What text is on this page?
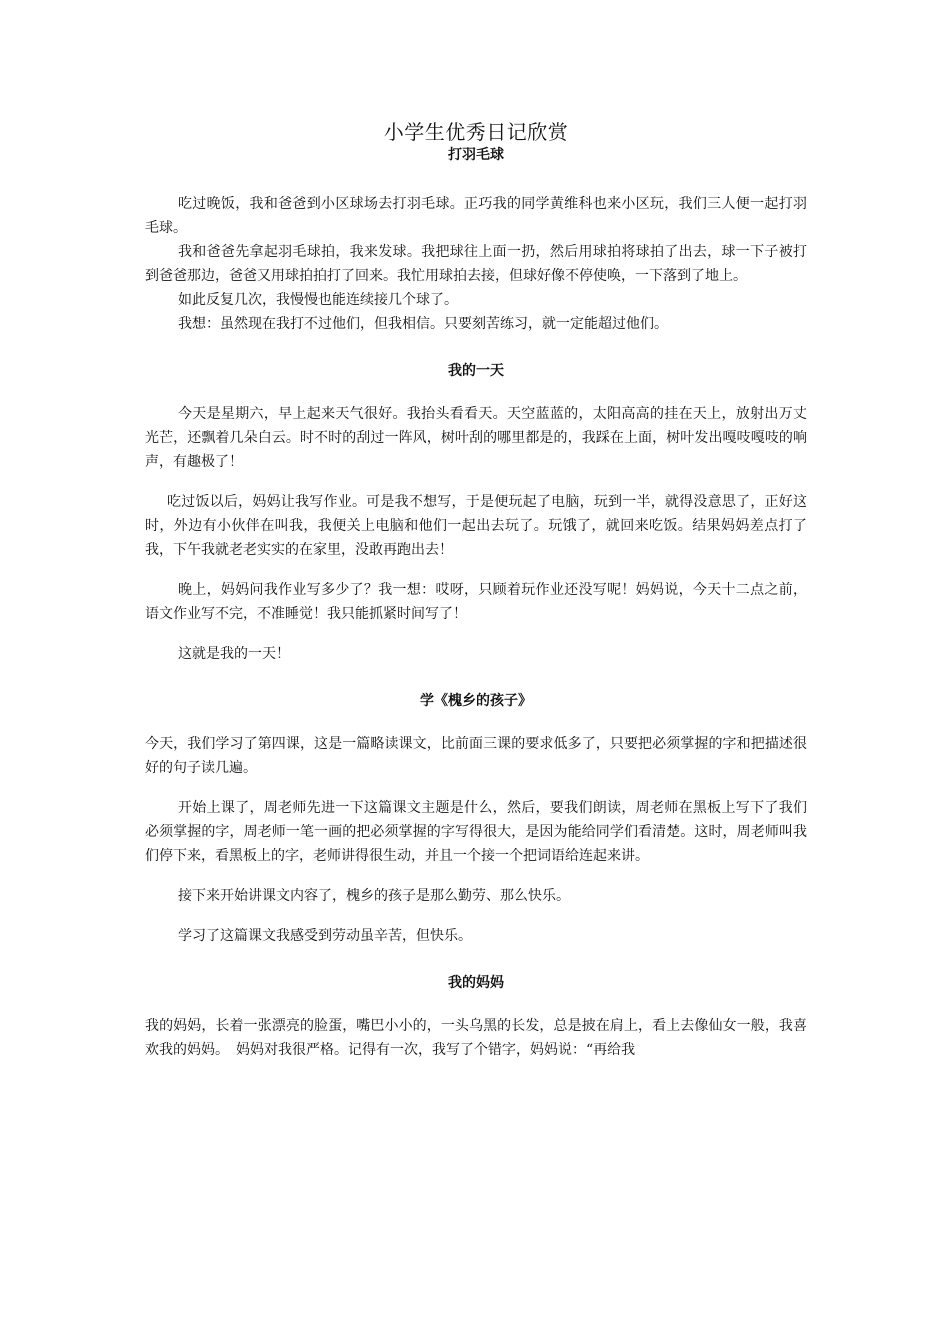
小学生优秀日记欣赏
打羽毛球

吃过晚饭，我和爸爸到小区球场去打羽毛球。正巧我的同学黄维科也来小区玩，我们三人便一起打羽毛球。

我和爸爸先拿起羽毛球拍，我来发球。我把球往上面一扔，然后用球拍将球拍了出去，球一下子被打到爸爸那边，爸爸又用球拍拍打了回来。我忙用球拍去接，但球好像不停使唤，一下落到了地上。

如此反复几次，我慢慢也能连续接几个球了。

我想：虽然现在我打不过他们，但我相信。只要刻苦练习，就一定能超过他们。

我的一天

今天是星期六，早上起来天气很好。我抬头看看天。天空蓝蓝的，太阳高高的挂在天上，放射出万丈光芒，还飘着几朵白云。时不时的刮过一阵风，树叶刮的哪里都是的，我踩在上面，树叶发出嘎吱嘎吱的响声，有趣极了！

吃过饭以后，妈妈让我写作业。可是我不想写，于是便玩起了电脑，玩到一半，就得没意思了，正好这时，外边有小伙伴在叫我，我便关上电脑和他们一起出去玩了。玩饿了，就回来吃饭。结果妈妈差点打了我，下午我就老老实实的在家里，没敢再跑出去！

晚上，妈妈问我作业写多少了？我一想：哎呀，只顾着玩作业还没写呢！妈妈说，今天十二点之前，语文作业写不完，不准睡觉！我只能抓紧时间写了！

这就是我的一天！

学《槐乡的孩子》

今天，我们学习了第四课，这是一篇略读课文，比前面三课的要求低多了，只要把必须掌握的字和把描述很好的句子读几遍。

开始上课了，周老师先进一下这篇课文主题是什么，然后，要我们朗读，周老师在黑板上写下了我们必须掌握的字，周老师一笔一画的把必须掌握的字写得很大，是因为能给同学们看清楚。这时，周老师叫我们停下来，看黑板上的字，老师讲得很生动，并且一个接一个把词语给连起来讲。

接下来开始讲课文内容了，槐乡的孩子是那么勤劳、那么快乐。

学习了这篇课文我感受到劳动虽辛苦，但快乐。

我的妈妈

我的妈妈，长着一张漂亮的脸蛋，嘴巴小小的，一头乌黑的长发，总是披在肩上，看上去像仙女一般，我喜欢我的妈妈。　妈妈对我很严格。记得有一次，我写了个错字，妈妈说：“再给我
